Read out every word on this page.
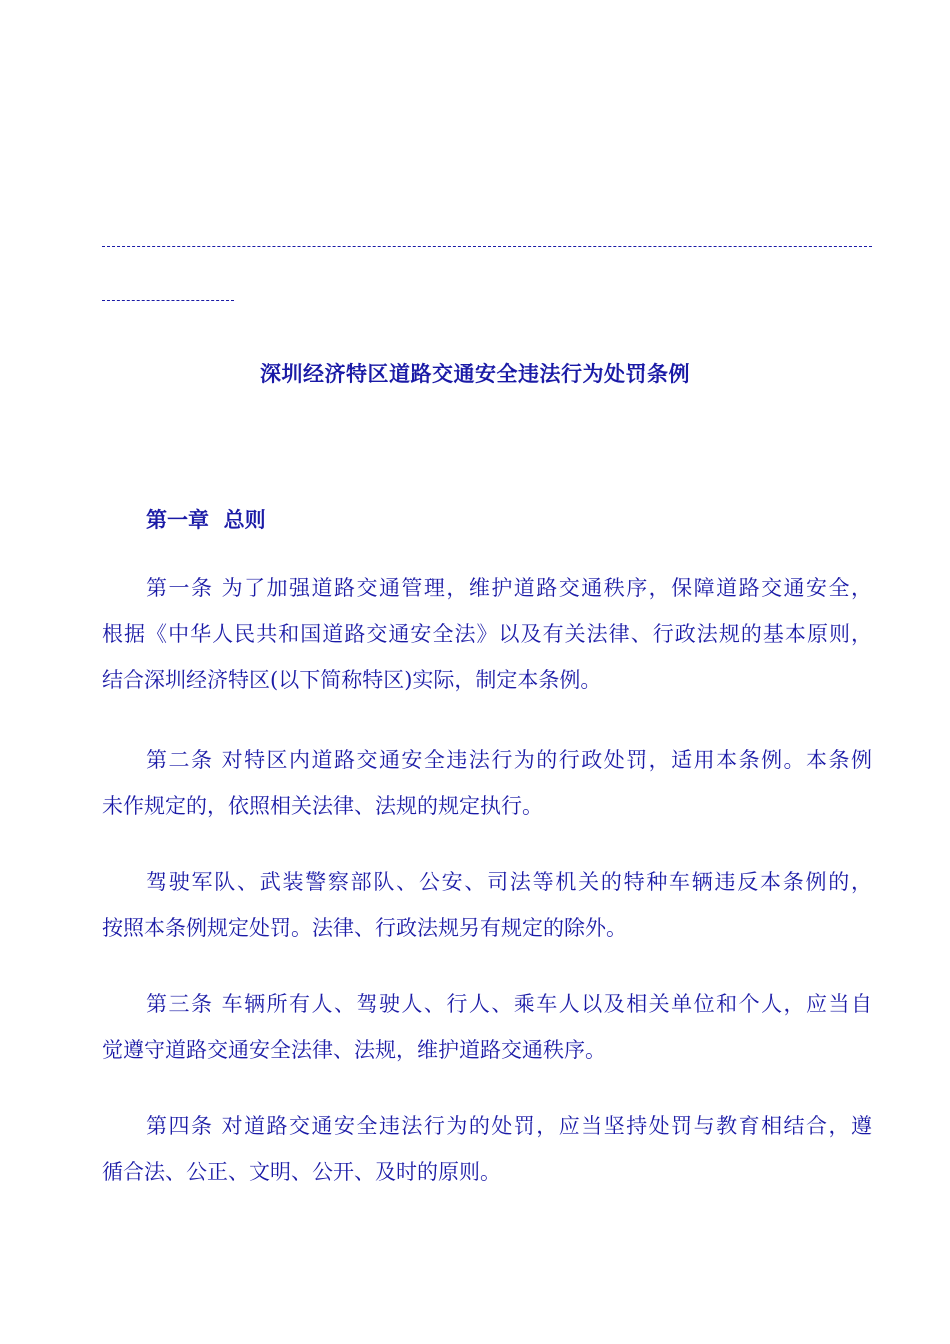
深圳经济特区道路交通安全违法行为处罚条例
第一章  总则
第一条 为了加强道路交通管理，维护道路交通秩序，保障道路交通安全，
根据《中华人民共和国道路交通安全法》以及有关法律、行政法规的基本原则，
结合深圳经济特区(以下简称特区)实际，制定本条例。
第二条 对特区内道路交通安全违法行为的行政处罚，适用本条例。本条例
未作规定的，依照相关法律、法规的规定执行。
驾驶军队、武装警察部队、公安、司法等机关的特种车辆违反本条例的，
按照本条例规定处罚。法律、行政法规另有规定的除外。
第三条 车辆所有人、驾驶人、行人、乘车人以及相关单位和个人，应当自
觉遵守道路交通安全法律、法规，维护道路交通秩序。
第四条 对道路交通安全违法行为的处罚，应当坚持处罚与教育相结合，遵
循合法、公正、文明、公开、及时的原则。
